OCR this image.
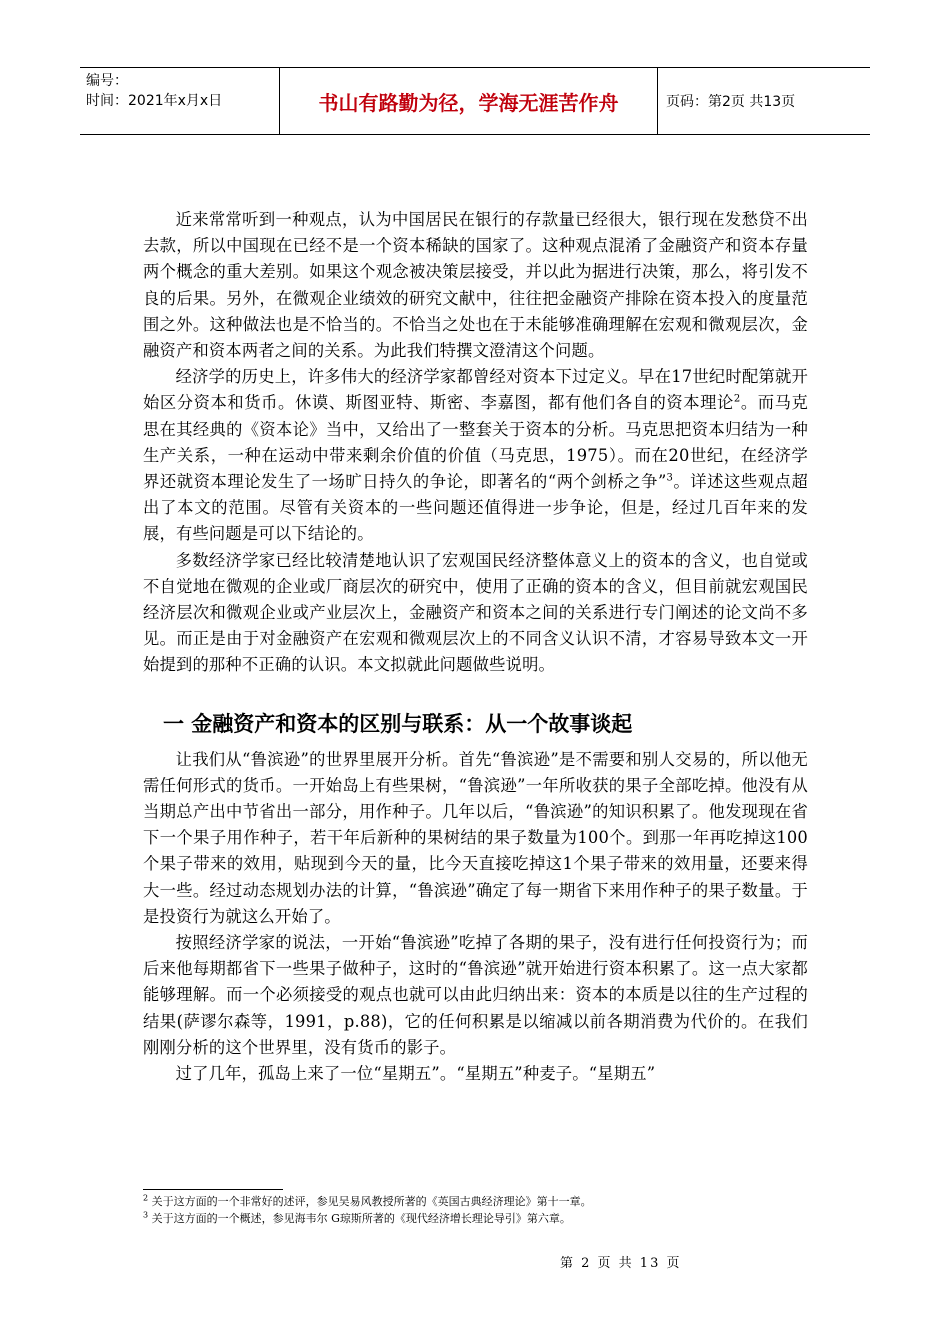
编号：
时间：2021年x月x日	书山有路勤为径，学海无涯苦作舟	页码：第2页 共13页

近来常常听到一种观点，认为中国居民在银行的存款量已经很大，银行现在发愁贷不出去款，所以中国现在已经不是一个资本稀缺的国家了。这种观点混淆了金融资产和资本存量两个概念的重大差别。如果这个观念被决策层接受，并以此为据进行决策，那么，将引发不良的后果。另外，在微观企业绩效的研究文献中，往往把金融资产排除在资本投入的度量范围之外。这种做法也是不恰当的。不恰当之处也在于未能够准确理解在宏观和微观层次，金融资产和资本两者之间的关系。为此我们特撰文澄清这个问题。

经济学的历史上，许多伟大的经济学家都曾经对资本下过定义。早在17世纪时配第就开始区分资本和货币。休谟、斯图亚特、斯密、李嘉图，都有他们各自的资本理论$^2$。而马克思在其经典的《资本论》当中，又给出了一整套关于资本的分析。马克思把资本归结为一种生产关系，一种在运动中带来剩余价值的价值（马克思，1975）。而在20世纪，在经济学界还就资本理论发生了一场旷日持久的争论，即著名的“两个剑桥之争”$^3$。详述这些观点超出了本文的范围。尽管有关资本的一些问题还值得进一步争论，但是，经过几百年来的发展，有些问题是可以下结论的。

多数经济学家已经比较清楚地认识了宏观国民经济整体意义上的资本的含义，也自觉或不自觉地在微观的企业或厂商层次的研究中，使用了正确的资本的含义，但目前就宏观国民经济层次和微观企业或产业层次上，金融资产和资本之间的关系进行专门阐述的论文尚不多见。而正是由于对金融资产在宏观和微观层次上的不同含义认识不清，才容易导致本文一开始提到的那种不正确的认识。本文拟就此问题做些说明。

一 金融资产和资本的区别与联系：从一个故事谈起

让我们从“鲁滨逊”的世界里展开分析。首先“鲁滨逊”是不需要和别人交易的，所以他无需任何形式的货币。一开始岛上有些果树，“鲁滨逊”一年所收获的果子全部吃掉。他没有从当期总产出中节省出一部分，用作种子。几年以后，“鲁滨逊”的知识积累了。他发现现在省下一个果子用作种子，若干年后新种的果树结的果子数量为100个。到那一年再吃掉这100个果子带来的效用，贴现到今天的量，比今天直接吃掉这1个果子带来的效用量，还要来得大一些。经过动态规划办法的计算，“鲁滨逊”确定了每一期省下来用作种子的果子数量。于是投资行为就这么开始了。

按照经济学家的说法，一开始“鲁滨逊”吃掉了各期的果子，没有进行任何投资行为；而后来他每期都省下一些果子做种子，这时的“鲁滨逊”就开始进行资本积累了。这一点大家都能够理解。而一个必须接受的观点也就可以由此归纳出来：资本的本质是以往的生产过程的结果(萨谬尔森等，1991，p.88)，它的任何积累是以缩减以前各期消费为代价的。在我们刚刚分析的这个世界里，没有货币的影子。

过了几年，孤岛上来了一位“星期五”。“星期五”种麦子。“星期五”

$^2$ 关于这方面的一个非常好的述评，参见吴易风教授所著的《英国古典经济理论》第十一章。
$^3$ 关于这方面的一个概述，参见海韦尔 G琼斯所著的《现代经济增长理论导引》第六章。
第 2 页 共 13 页
